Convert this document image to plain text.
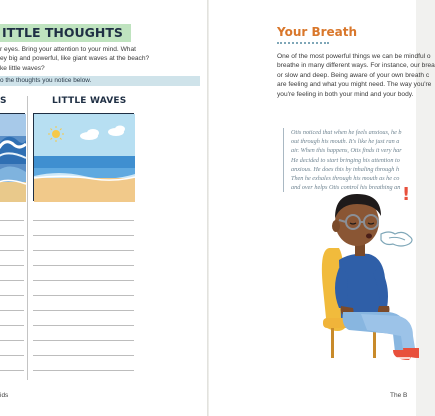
ITTLE THOUGHTS
r eyes. Bring your attention to your mind. What
ey big and powerful, like giant waves at the beach?
ke little waves?
o the thoughts you notice below.
S	LITTLE WAVES
ids
Your Breath
One of the most powerful things we can be mindful o
breathe in many different ways. For instance, our brea
or slow and deep. Being aware of your own breath c
are feeling and what you might need. The way you're
you're feeling in both your mind and your body.
Otis noticed that when he feels anxious, he b
out through his mouth. It's like he just ran a
air. When this happens, Otis finds it very har
He decided to start bringing his attention to
anxious. He does this by inhaling through h
Then he exhales through his mouth as he co
and over helps Otis control his breathing an !
The B
